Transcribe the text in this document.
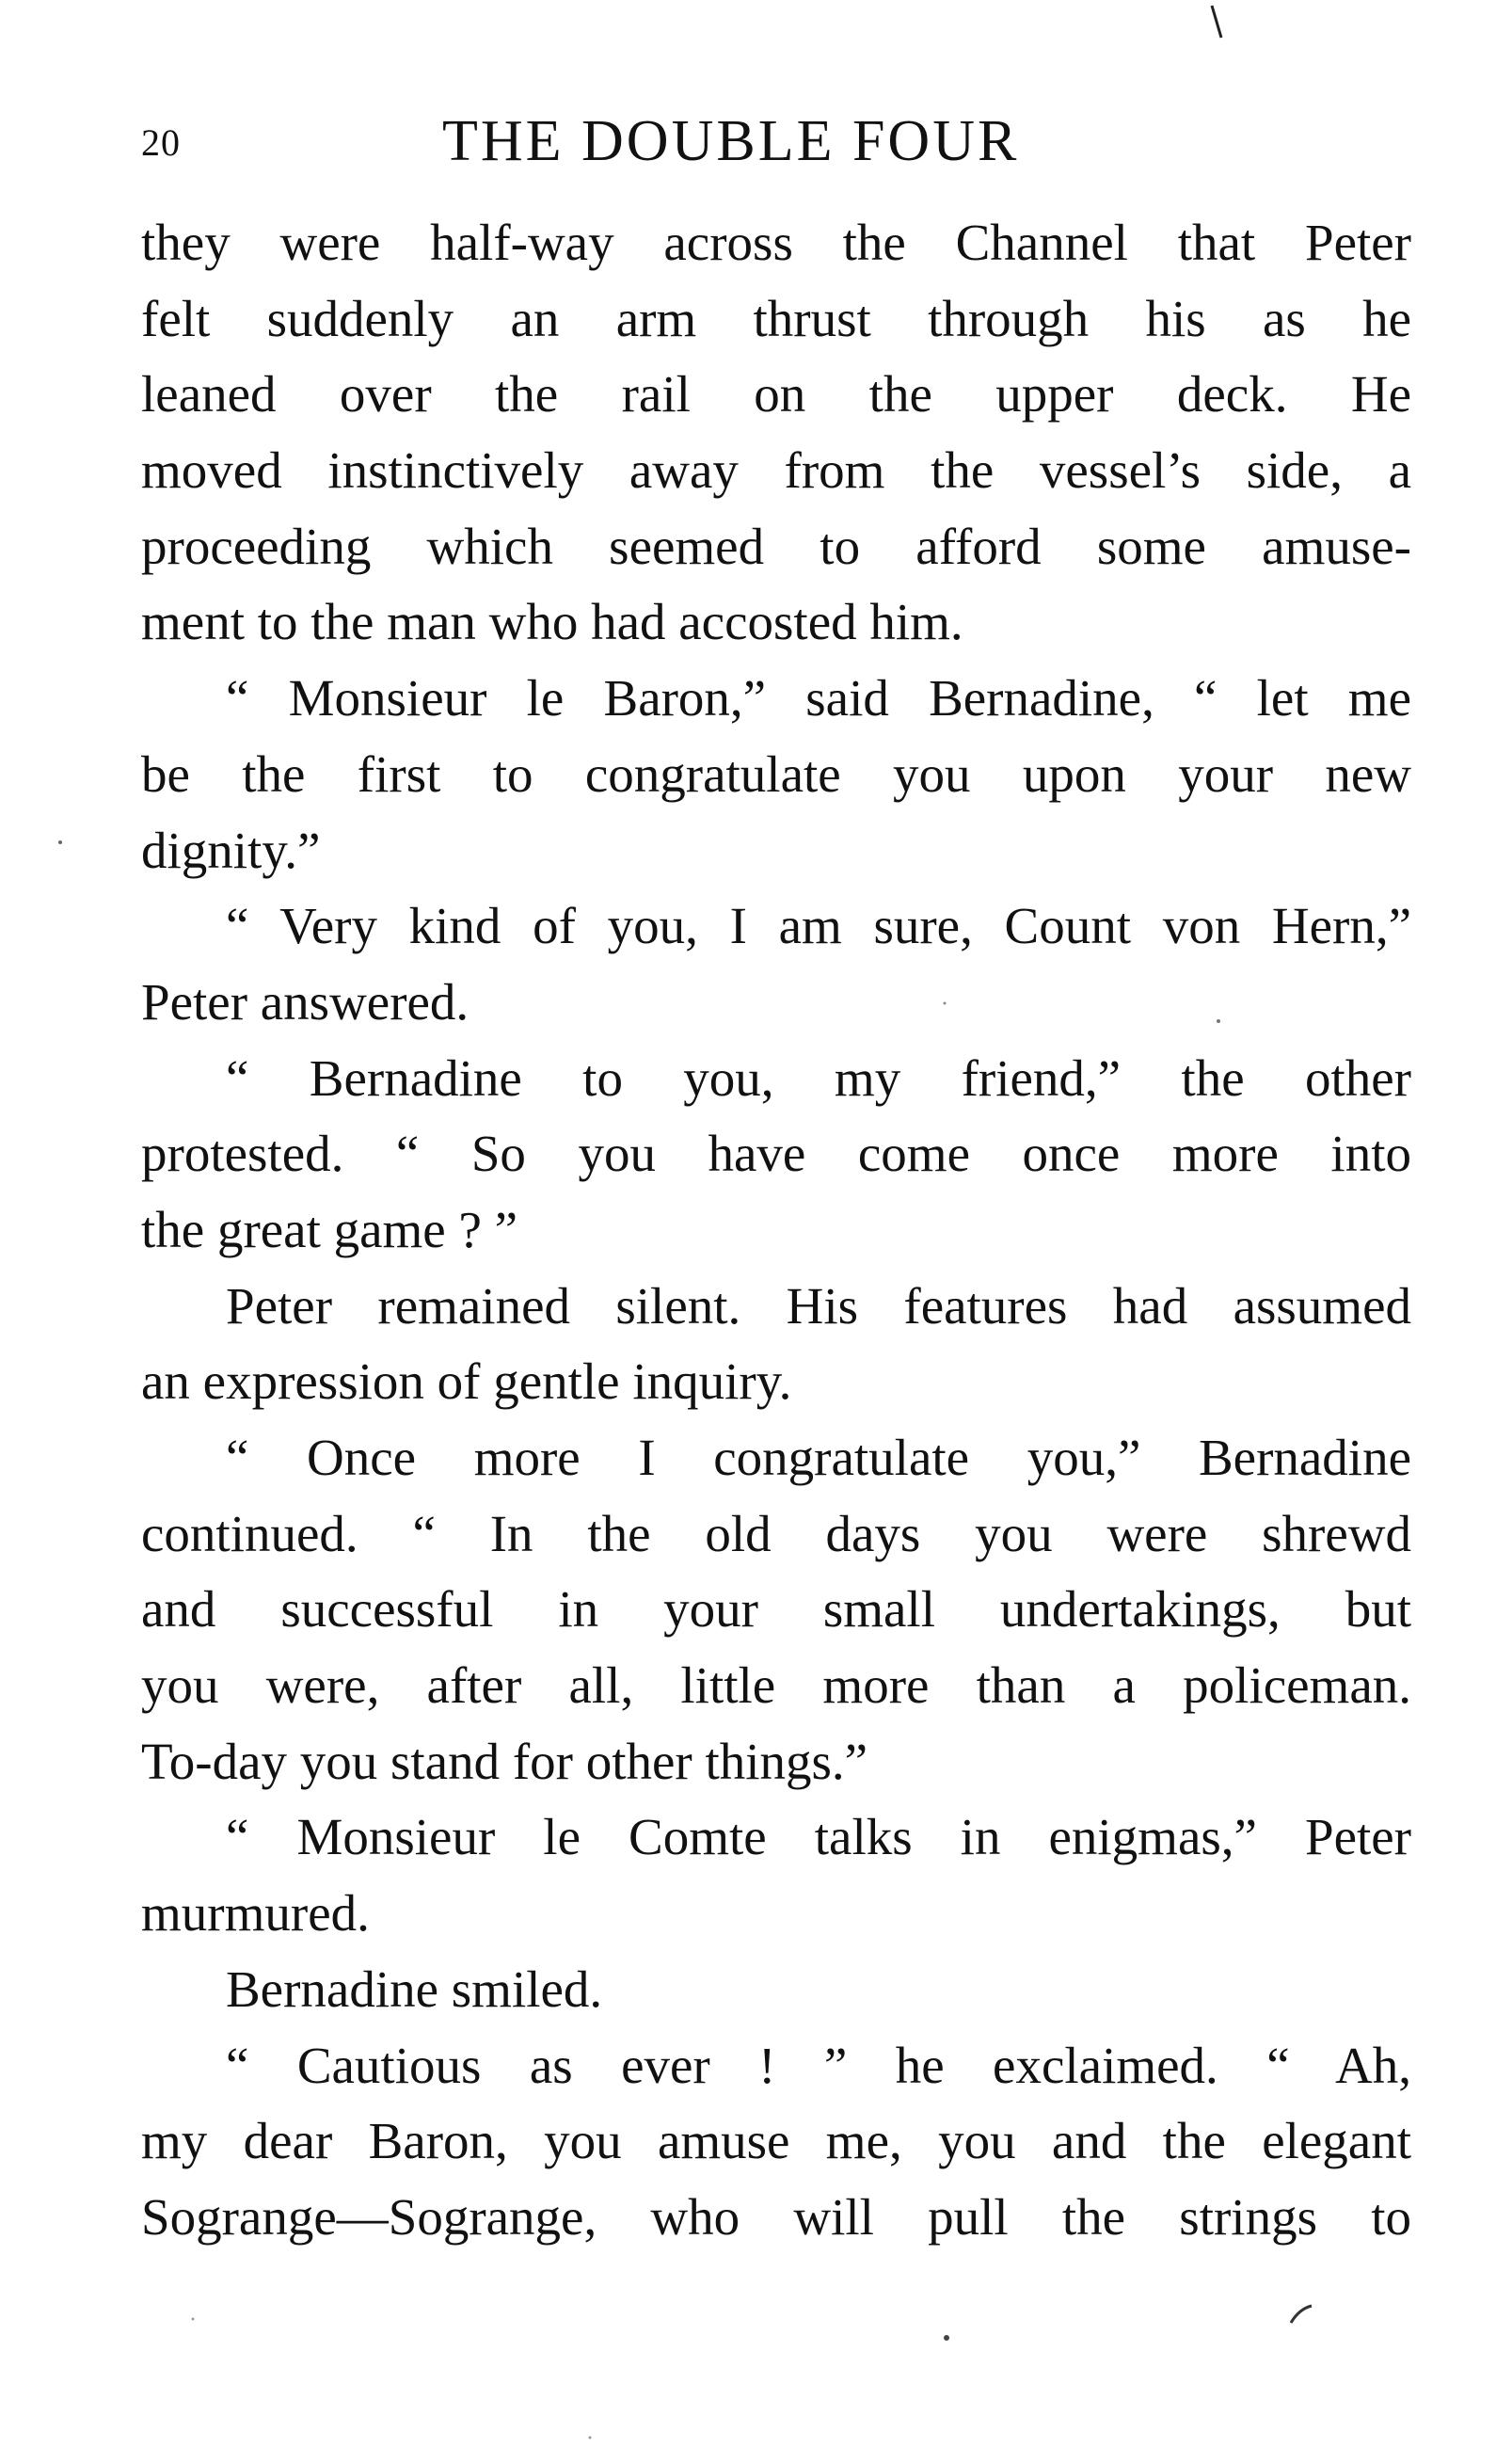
20	THE DOUBLE FOUR
they were half-way across the Channel that Peter
felt suddenly an arm thrust through his as he
leaned over the rail on the upper deck. He
moved instinctively away from the vessel’s side, a
proceeding which seemed to afford some amuse-
ment to the man who had accosted him.
“ Monsieur le Baron,” said Bernadine, “ let me
be the first to congratulate you upon your new
dignity.”
“ Very kind of you, I am sure, Count von Hern,”
Peter answered.
“ Bernadine to you, my friend,” the other
protested. “ So you have come once more into
the great game ? ”
Peter remained silent. His features had assumed
an expression of gentle inquiry.
“ Once more I congratulate you,” Bernadine
continued. “ In the old days you were shrewd
and successful in your small undertakings, but
you were, after all, little more than a policeman.
To-day you stand for other things.”
“ Monsieur le Comte talks in enigmas,” Peter
murmured.
Bernadine smiled.
“ Cautious as ever ! ” he exclaimed. “ Ah,
my dear Baron, you amuse me, you and the elegant
Sogrange—Sogrange, who will pull the strings to
